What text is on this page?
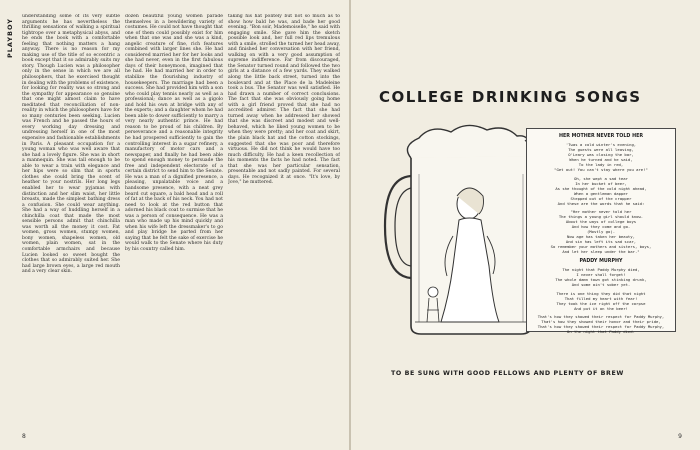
PLAYBOY
understanding some of its very subtle arguments he has nevertheless the thrilling sensations of walking a spiritual tightrope over a metaphysical abyss, and he ends the book with a comfortable feeling that nothing matters a hang anyway. There is no reason for my making use of the title of so eccentric a book except that it so admirably suits my story. Though Lucien was a philosopher only in the sense in which we are all philosophers, that he exercised thought in dealing with the problems of existence, for looking for reality was so strong and the sympathy for appearance so genuine that one might almost claim to have meditated that reconciliation of non-reality in which the philosophers have for so many centuries been seeking. Lucien was French and he passed the hours of every working day dressing and undressing herself in one of the most expensive and fashionable establishments in Paris. A pleasant occupation for a young woman who was well aware that she had a lovely figure. She was in short a mannequin. She was tall enough to be able to wear a train with elegance and her hips were so slim that in sports clothes she could bring the scent of heather to your nostrils. Her long legs enabled her to wear pyjamas with distinction and her slim waist, her little breasts, made the simplest bathing dress a confusion. She could wear anything. She had a way of huddling herself in a chinchilla coat that made the most sensible persons admit that chinchilla was worth all the money it cost. Fat women, gross women, stumpy women, bony women, shapeless women, old women, plain women, sat in the comfortable armchairs and because Lucien looked so sweet bought the clothes that so admirably suited her. She had large brown eyes, a large red mouth and a very clear skin.
dozen beautiful young women parade themselves in a bewildering variety of costumes. He could not have thought that one of them could possibly exist for him when that one was and she was a kind, angelic creature of fine, rich features combined with larger lines she. He had considered married her for her looks and she had never, even in the first fabulous days of their honeymoon, imagined that he had. He had married her in order to stabilize the flourishing industry of housekeepers. The marriage had been a success. She had provided him with a son who could play tennis nearly as well as a professional; dance as well as a gigolo and hold his own at bridge with any of the experts; and a daughter whom he had been able to dower sufficiently to marry a very nearly authentic prince. He had reason to be proud of his children. By perseverance and a reasonable integrity he had prospered sufficiently to gain the controlling interest in a sugar refinery, a manufactory of motor cars and a newspaper, and finally he had been able to spend enough money to persuade the free and independent electorate of a certain district to send him to the Senate. He was a man of a dignified presence, a pleasing, unpalatable voice and a handsome presence, with a neat grey beard cut square, a bald head and a roll of fat at the back of his neck. You had not need to look at the red button that adorned his black coat to surmise that he was a person of consequence. He was a man who made up his mind quickly and when his wife left the dressmaker's to go and play bridge he parted from her saying that he felt the sake of exercise he would walk to the Senate where his duty by his country called him.
taking his hat politely but not so much as to show how bald he was, and bade her good evening. "Bon soir, Mademoiselle," he said with engaging smile. She gave him the sketch possible look and, her full red lips tremulous with a smile, strolled the turned her head away, and finished her conversation with her friend, walking on with a very good assumption of supreme indifference. Far from discouraged, the Senator turned round and followed the two girls at a distance of a few yards. They walked along the little back street, turned into the boulevard and at the Place de la Madeleine took a bus. The Senator was well satisfied. He had drawn a number of correct conclusions. The fact that she was obviously going home with a girl friend proved that she had no accredited admirer. The fact that she had turned away when he addressed her showed that she was discreet and modest and well-behaved, which he liked young women to be when they were pretty; and her coat and skirt, the plain black hat and the cotton stockings, suggested that she was poor and therefore virtuous. He did not think he would have too much difficulty. He had a keen recollection of his moments the facts he had noted. The fact that she was her particular sensation, presentable and not sadly painted. For several days. He recognized it at once. "It's love, by Jove," he muttered.
8
COLLEGE DRINKING SONGS
HER MOTHER NEVER TOLD HER
'Twas a cold winter's evening,
The guests were all leaving,
O'Leary was closing the bar,
When he turned and he said,
To the lady in red,
"Get out! You can't stay where you are!"
Oh, she wept a sad tear
In her bucket of beer,
As she thought of the cold night ahead,
When a gentleman dapper
Stepped out of the crapper
And these are the words that he said:
"Her mother never told her
The things a young girl should know.
About the ways of college boys
And how they come and go.
(Mostly go).
Now age has taken her beauty,
And sin has left its sad scar,
So remember your mothers and sisters, boys,
And let her sleep under the bar."
PADDY MURPHY
The night that Paddy Murphy died,
I never shall forget!
The whole damn town got stinking drunk,
And some ain't sober yet.
There is one thing they did that night
That filled my heart with fear!
They took the ice right off the corpse
And put it on the beer!
That's how they showed their respect for Paddy Murphy,
That's how they showed their honor and their pride,
That's how they showed their respect for Paddy Murphy,
On the night that Paddy died.
TO BE SUNG WITH GOOD FELLOWS AND PLENTY OF BREW
9
